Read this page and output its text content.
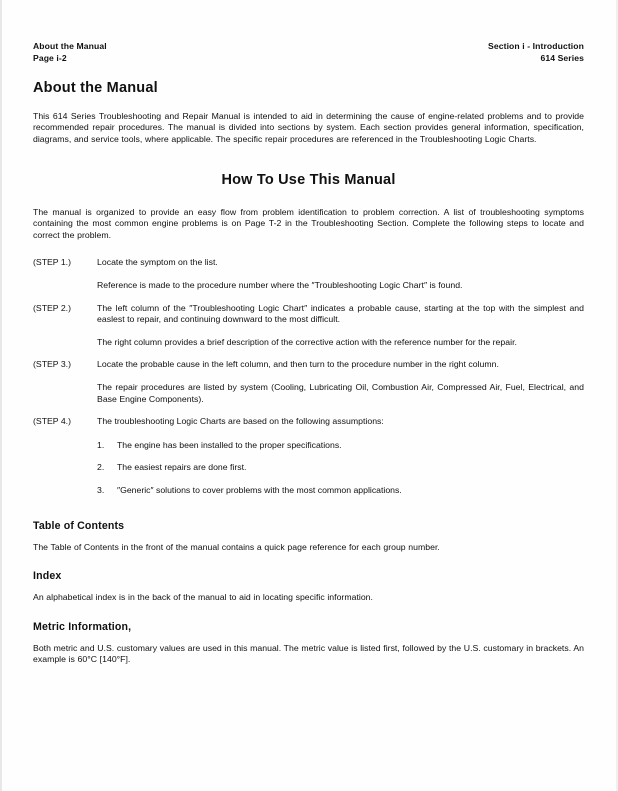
About the Manual
Page i-2
Section i - Introduction
614 Series
About the Manual

This 614 Series Troubleshooting and Repair Manual is intended to aid in determining the cause of engine-related problems and to provide recommended repair procedures. The manual is divided into sections by system. Each section provides general information, specification, diagrams, and service tools, where applicable. The specific repair procedures are referenced in the Troubleshooting Logic Charts.

How To Use This Manual

The manual is organized to provide an easy flow from problem identification to problem correction. A list of troubleshooting symptoms containing the most common engine problems is on Page T-2 in the Troubleshooting Section. Complete the following steps to locate and correct the problem.

(STEP 1.)	Locate the symptom on the list.
Reference is made to the procedure number where the ″Troubleshooting Logic Chart″ is found.
(STEP 2.)	The left column of the ″Troubleshooting Logic Chart″ indicates a probable cause, starting at the top with the simplest and easlest to repair, and continuing downward to the most difficult.
The right column provides a brief description of the corrective action with the reference number for the repair.
(STEP 3.)	Locate the probable cause in the left column, and then turn to the procedure number in the right column.
The repair procedures are listed by system (Cooling, Lubricating Oil, Combustion Air, Compressed Air, Fuel, Electrical, and Base Engine Components).
(STEP 4.)	The troubleshooting Logic Charts are based on the following assumptions:
1.	The engine has been installed to the proper specifications.
2.	The easiest repairs are done first.
3.	″Generic″ solutions to cover problems with the most common applications.
Table of Contents

The Table of Contents in the front of the manual contains a quick page reference for each group number.

Index

An alphabetical index is in the back of the manual to aid in locating specific information.

Metric Information,

Both metric and U.S. customary values are used in this manual. The metric value is listed first, followed by the U.S. customary in brackets. An example is 60°C [140°F].
